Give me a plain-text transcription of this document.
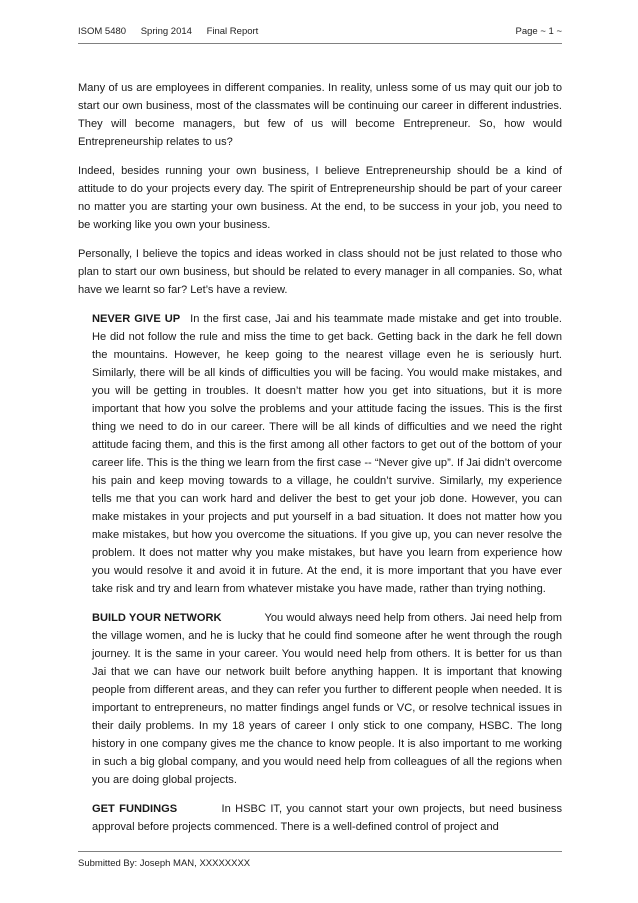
ISOM 5480 Spring 2014 Final Report	Page ~ 1 ~

Many of us are employees in different companies. In reality, unless some of us may quit our job to start our own business, most of the classmates will be continuing our career in different industries. They will become managers, but few of us will become Entrepreneur. So, how would Entrepreneurship relates to us?

Indeed, besides running your own business, I believe Entrepreneurship should be a kind of attitude to do your projects every day. The spirit of Entrepreneurship should be part of your career no matter you are starting your own business. At the end, to be success in your job, you need to be working like you own your business.

Personally, I believe the topics and ideas worked in class should not be just related to those who plan to start our own business, but should be related to every manager in all companies. So, what have we learnt so far? Let’s have a review.

NEVER GIVE UP In the first case, Jai and his teammate made mistake and get into trouble. He did not follow the rule and miss the time to get back. Getting back in the dark he fell down the mountains. However, he keep going to the nearest village even he is seriously hurt. Similarly, there will be all kinds of difficulties you will be facing. You would make mistakes, and you will be getting in troubles. It doesn’t matter how you get into situations, but it is more important that how you solve the problems and your attitude facing the issues. This is the first thing we need to do in our career. There will be all kinds of difficulties and we need the right attitude facing them, and this is the first among all other factors to get out of the bottom of your career life. This is the thing we learn from the first case -- “Never give up”. If Jai didn’t overcome his pain and keep moving towards to a village, he couldn’t survive. Similarly, my experience tells me that you can work hard and deliver the best to get your job done. However, you can make mistakes in your projects and put yourself in a bad situation. It does not matter how you make mistakes, but how you overcome the situations. If you give up, you can never resolve the problem. It does not matter why you make mistakes, but have you learn from experience how you would resolve it and avoid it in future. At the end, it is more important that you have ever take risk and try and learn from whatever mistake you have made, rather than trying nothing.

BUILD YOUR NETWORK	You would always need help from others. Jai need help from the village women, and he is lucky that he could find someone after he went through the rough journey. It is the same in your career. You would need help from others. It is better for us than Jai that we can have our network built before anything happen. It is important that knowing people from different areas, and they can refer you further to different people when needed. It is important to entrepreneurs, no matter findings angel funds or VC, or resolve technical issues in their daily problems. In my 18 years of career I only stick to one company, HSBC. The long history in one company gives me the chance to know people. It is also important to me working in such a big global company, and you would need help from colleagues of all the regions when you are doing global projects.

GET FUNDINGS	In HSBC IT, you cannot start your own projects, but need business approval before projects commenced. There is a well-defined control of project and

Submitted By: Joseph MAN, XXXXXXXX
